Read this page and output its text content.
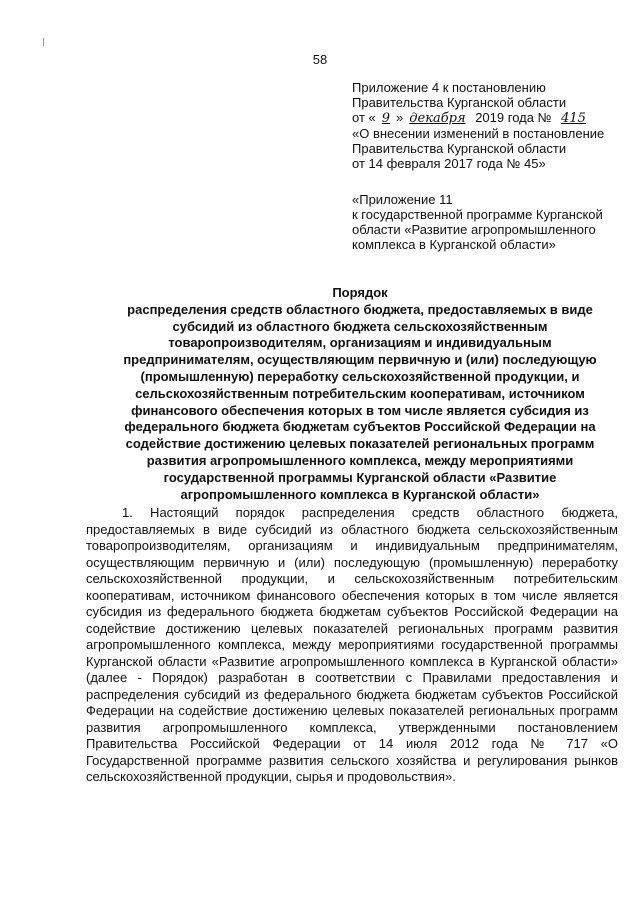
58
Приложение 4 к постановлению
Правительства Курганской области
от « 9 » декабря 2019 года № 415
«О внесении изменений в постановление
Правительства Курганской области
от 14 февраля 2017 года № 45»
«Приложение 11
к государственной программе Курганской
области «Развитие агропромышленного
комплекса в Курганской области»
Порядок
распределения средств областного бюджета, предоставляемых в виде
субсидий из областного бюджета сельскохозяйственным
товаропроизводителям, организациям и индивидуальным
предпринимателям, осуществляющим первичную и (или) последующую
(промышленную) переработку сельскохозяйственной продукции, и
сельскохозяйственным потребительским кооперативам, источником
финансового обеспечения которых в том числе является субсидия из
федерального бюджета бюджетам субъектов Российской Федерации на
содействие достижению целевых показателей региональных программ
развития агропромышленного комплекса, между мероприятиями
государственной программы Курганской области «Развитие
агропромышленного комплекса в Курганской области»

1. Настоящий порядок распределения средств областного бюджета, предоставляемых в виде субсидий из областного бюджета сельскохозяйственным товаропроизводителям, организациям и индивидуальным предпринимателям, осуществляющим первичную и (или) последующую (промышленную) переработку сельскохозяйственной продукции, и сельскохозяйственным потребительским кооперативам, источником финансового обеспечения которых в том числе является субсидия из федерального бюджета бюджетам субъектов Российской Федерации на содействие достижению целевых показателей региональных программ развития агропромышленного комплекса, между мероприятиями государственной программы Курганской области «Развитие агропромышленного комплекса в Курганской области» (далее - Порядок) разработан в соответствии с Правилами предоставления и распределения субсидий из федерального бюджета бюджетам субъектов Российской Федерации на содействие достижению целевых показателей региональных программ развития агропромышленного комплекса, утвержденными постановлением Правительства Российской Федерации от 14 июля 2012 года № 717 «О Государственной программе развития сельского хозяйства и регулирования рынков сельскохозяйственной продукции, сырья и продовольствия».
